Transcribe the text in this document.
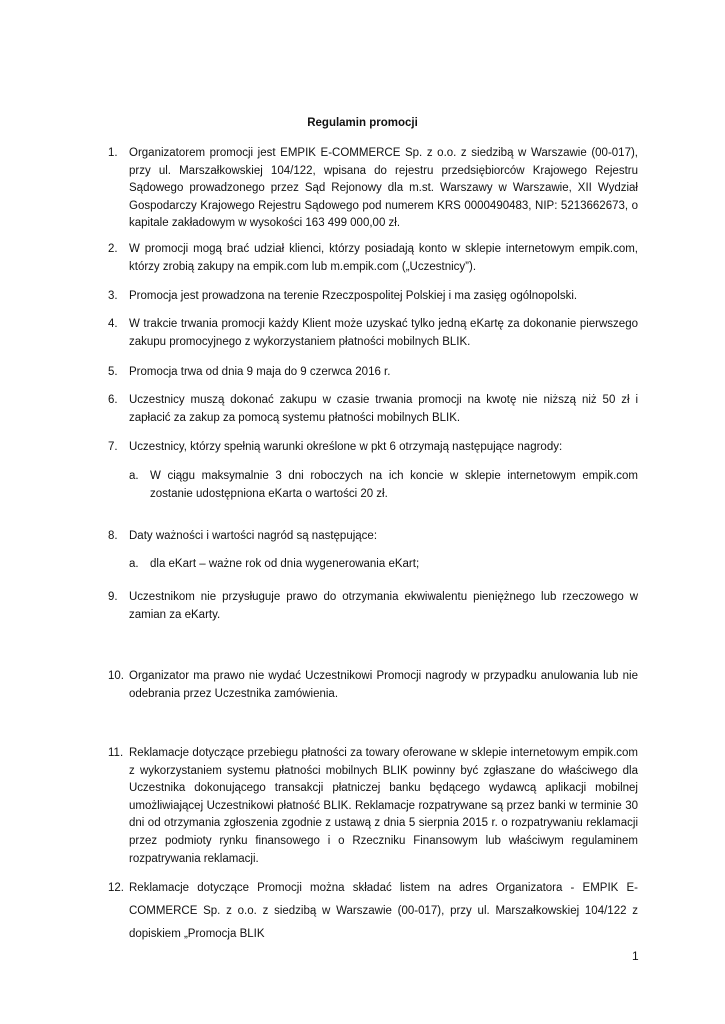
Regulamin promocji
1. Organizatorem promocji jest EMPIK E-COMMERCE Sp. z o.o. z siedzibą w Warszawie (00-017), przy ul. Marszałkowskiej 104/122, wpisana do rejestru przedsiębiorców Krajowego Rejestru Sądowego prowadzonego przez Sąd Rejonowy dla m.st. Warszawy w Warszawie, XII Wydział Gospodarczy Krajowego Rejestru Sądowego pod numerem KRS 0000490483, NIP: 5213662673, o kapitale zakładowym w wysokości 163 499 000,00 zł.
2. W promocji mogą brać udział klienci, którzy posiadają konto w sklepie internetowym empik.com, którzy zrobią zakupy na empik.com lub m.empik.com („Uczestnicy”).
3. Promocja jest prowadzona na terenie Rzeczpospolitej Polskiej i ma zasięg ogólnopolski.
4. W trakcie trwania promocji każdy Klient może uzyskać tylko jedną eKartę za dokonanie pierwszego zakupu promocyjnego z wykorzystaniem płatności mobilnych BLIK.
5. Promocja trwa od dnia 9 maja do 9 czerwca 2016 r.
6. Uczestnicy muszą dokonać zakupu w czasie trwania promocji na kwotę nie niższą niż 50 zł i zapłacić za zakup za pomocą systemu płatności mobilnych BLIK.
7. Uczestnicy, którzy spełnią warunki określone w pkt 6 otrzymają następujące nagrody:
a. W ciągu maksymalnie 3 dni roboczych na ich koncie w sklepie internetowym empik.com zostanie udostępniona eKarta o wartości 20 zł.
8. Daty ważności i wartości nagród są następujące:
a. dla eKart – ważne rok od dnia wygenerowania eKart;
9. Uczestnikom nie przysługuje prawo do otrzymania ekwiwalentu pieniężnego lub rzeczowego w zamian za eKarty.
10. Organizator ma prawo nie wydać Uczestnikowi Promocji nagrody w przypadku anulowania lub nie odebrania przez Uczestnika zamówienia.
11. Reklamacje dotyczące przebiegu płatności za towary oferowane w sklepie internetowym empik.com z wykorzystaniem systemu płatności mobilnych BLIK powinny być zgłaszane do właściwego dla Uczestnika dokonującego transakcji płatniczej banku będącego wydawcą aplikacji mobilnej umożliwiającej Uczestnikowi płatność BLIK. Reklamacje rozpatrywane są przez banki w terminie 30 dni od otrzymania zgłoszenia zgodnie z ustawą z dnia 5 sierpnia 2015 r. o rozpatrywaniu reklamacji przez podmioty rynku finansowego i o Rzeczniku Finansowym lub właściwym regulaminem rozpatrywania reklamacji.
12. Reklamacje dotyczące Promocji można składać listem na adres Organizatora - EMPIK E-COMMERCE Sp. z o.o. z siedzibą w Warszawie (00-017), przy ul. Marszałkowskiej 104/122 z dopiskiem „Promocja BLIK
1
